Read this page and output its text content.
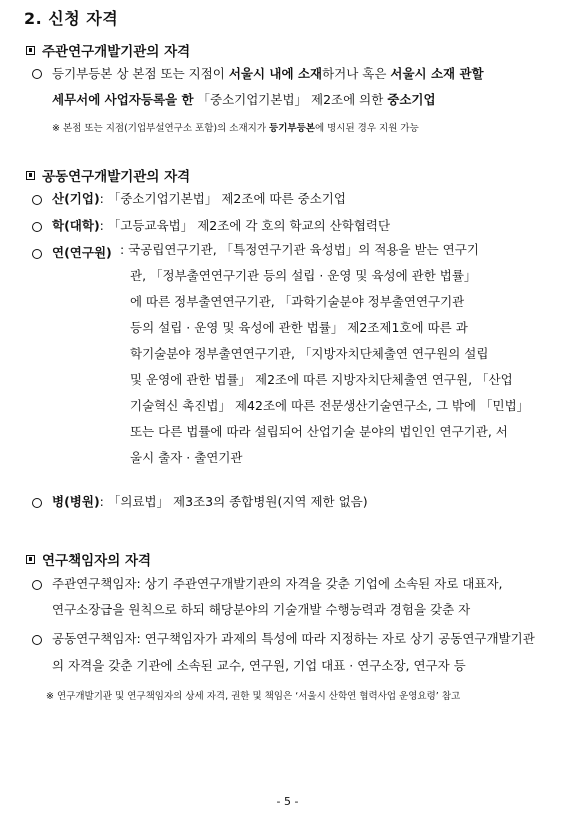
2. 신청 자격
주관연구개발기관의 자격
등기부등본 상 본점 또는 지점이 서울시 내에 소재하거나 혹은 서울시 소재 관할
세무서에 사업자등록을 한 「중소기업기본법」 제2조에 의한 중소기업
※ 본점 또는 지점(기업부설연구소 포함)의 소재지가 등기부등본에 명시된 경우 지원 가능
공동연구개발기관의 자격
산(기업): 「중소기업기본법」 제2조에 따른 중소기업
학(대학): 「고등교육법」 제2조에 각 호의 학교의 산학협력단
연(연구원) : 국공립연구기관, 「특정연구기관 육성법」의 적용을 받는 연구기
관, 「정부출연연구기관 등의 설립 · 운영 및 육성에 관한 법률」
에 따른 정부출연연구기관, 「과학기술분야 정부출연연구기관
등의 설립 · 운영 및 육성에 관한 법률」 제2조제1호에 따른 과
학기술분야 정부출연연구기관, 「지방자치단체출연 연구원의 설립
및 운영에 관한 법률」 제2조에 따른 지방자치단체출연 연구원, 「산업
기술혁신 촉진법」 제42조에 따른 전문생산기술연구소, 그 밖에 「민법」
또는 다른 법률에 따라 설립되어 산업기술 분야의 법인인 연구기관, 서
울시 출자 · 출연기관
병(병원): 「의료법」 제3조3의 종합병원(지역 제한 없음)
연구책임자의 자격
주관연구책임자: 상기 주관연구개발기관의 자격을 갖춘 기업에 소속된 자로 대표자,
연구소장급을 원칙으로 하되 해당분야의 기술개발 수행능력과 경험을 갖춘 자
공동연구책임자: 연구책임자가 과제의 특성에 따라 지정하는 자로 상기 공동연구개발기관
의 자격을 갖춘 기관에 소속된 교수, 연구원, 기업 대표 · 연구소장, 연구자 등
※ 연구개발기관 및 연구책임자의 상세 자격, 권한 및 책임은 ‘서울시 산학연 협력사업 운영요령’ 참고
- 5 -
